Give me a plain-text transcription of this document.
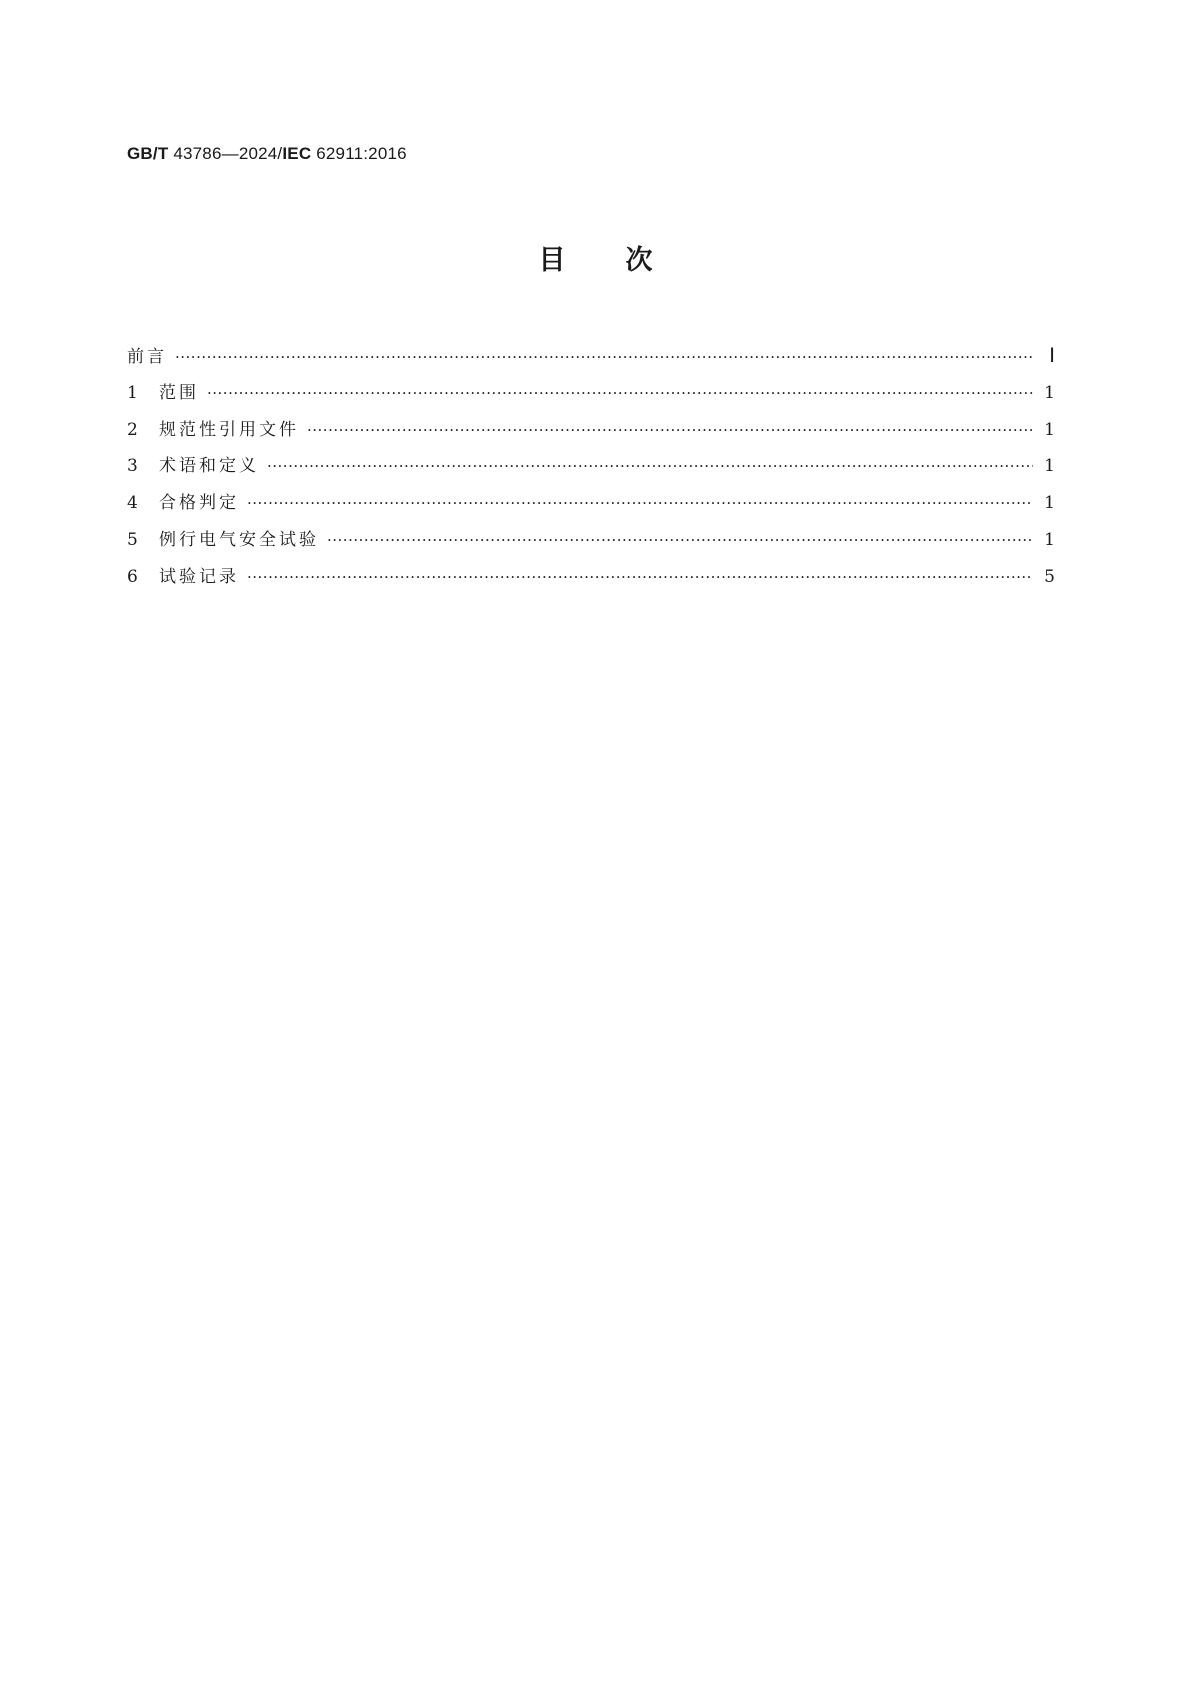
GB/T 43786—2024/IEC 62911:2016
目次
前言 ·····	Ⅰ
1	范围 ·····	1
2	规范性引用文件 ·····	1
3	术语和定义 ·····	1
4	合格判定 ·····	1
5	例行电气安全试验 ·····	1
6	试验记录 ·····	5
